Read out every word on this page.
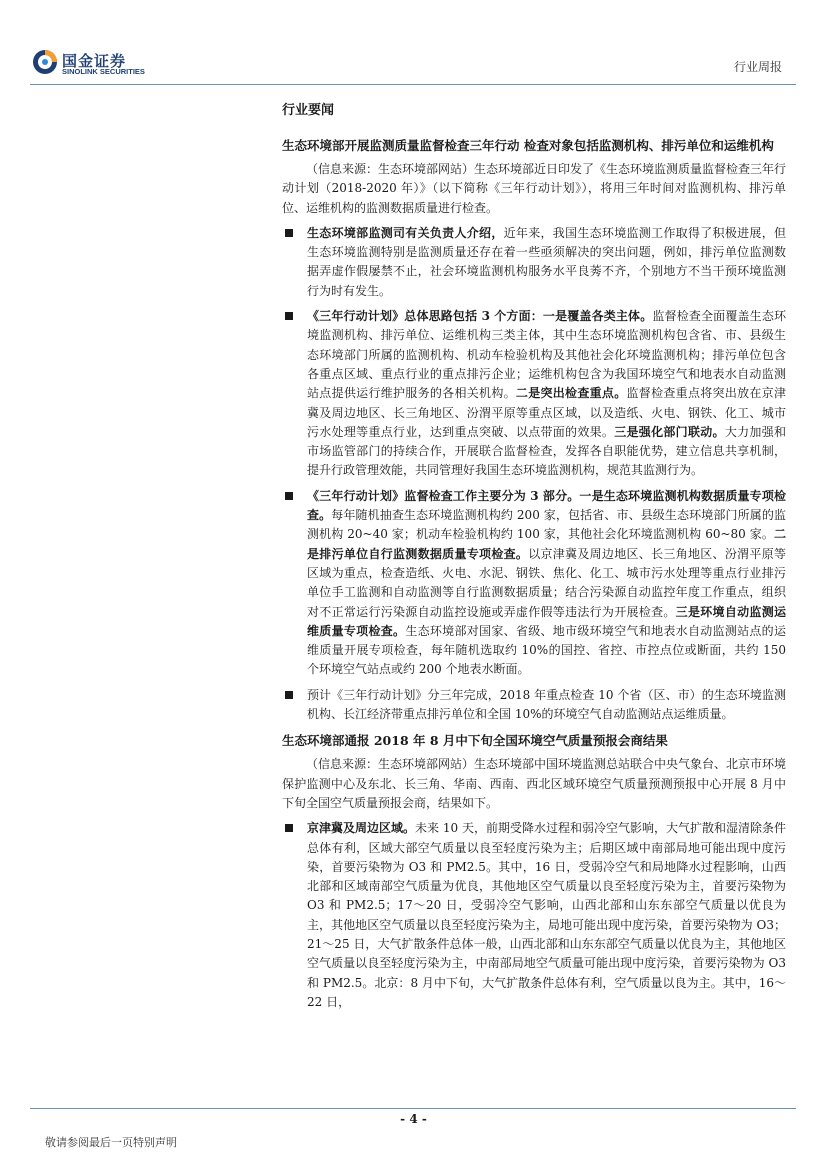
国金证券
SINOLINK SECURITIES	行业周报
行业要闻
生态环境部开展监测质量监督检查三年行动 检查对象包括监测机构、排污单位和运维机构

（信息来源：生态环境部网站）生态环境部近日印发了《生态环境监测质量监督检查三年行动计划（2018-2020 年）》（以下简称《三年行动计划》），将用三年时间对监测机构、排污单位、运维机构的监测数据质量进行检查。

生态环境部监测司有关负责人介绍，近年来，我国生态环境监测工作取得了积极进展，但生态环境监测特别是监测质量还存在着一些亟须解决的突出问题，例如，排污单位监测数据弄虚作假屡禁不止，社会环境监测机构服务水平良莠不齐，个别地方不当干预环境监测行为时有发生。
《三年行动计划》总体思路包括 3 个方面：一是覆盖各类主体。监督检查全面覆盖生态环境监测机构、排污单位、运维机构三类主体，其中生态环境监测机构包含省、市、县级生态环境部门所属的监测机构、机动车检验机构及其他社会化环境监测机构；排污单位包含各重点区域、重点行业的重点排污企业；运维机构包含为我国环境空气和地表水自动监测站点提供运行维护服务的各相关机构。二是突出检查重点。监督检查重点将突出放在京津冀及周边地区、长三角地区、汾渭平原等重点区域，以及造纸、火电、钢铁、化工、城市污水处理等重点行业，达到重点突破、以点带面的效果。三是强化部门联动。大力加强和市场监管部门的持续合作，开展联合监督检查，发挥各自职能优势，建立信息共享机制，提升行政管理效能，共同管理好我国生态环境监测机构，规范其监测行为。
《三年行动计划》监督检查工作主要分为 3 部分。一是生态环境监测机构数据质量专项检查。每年随机抽查生态环境监测机构约 200 家，包括省、市、县级生态环境部门所属的监测机构 20~40 家；机动车检验机构约 100 家，其他社会化环境监测机构 60~80 家。二是排污单位自行监测数据质量专项检查。以京津冀及周边地区、长三角地区、汾渭平原等区域为重点，检查造纸、火电、水泥、钢铁、焦化、化工、城市污水处理等重点行业排污单位手工监测和自动监测等自行监测数据质量；结合污染源自动监控年度工作重点，组织对不正常运行污染源自动监控设施或弄虚作假等违法行为开展检查。三是环境自动监测运维质量专项检查。生态环境部对国家、省级、地市级环境空气和地表水自动监测站点的运维质量开展专项检查，每年随机选取约 10%的国控、省控、市控点位或断面，共约 150 个环境空气站点或约 200 个地表水断面。
预计《三年行动计划》分三年完成，2018 年重点检查 10 个省（区、市）的生态环境监测机构、长江经济带重点排污单位和全国 10%的环境空气自动监测站点运维质量。
生态环境部通报 2018 年 8 月中下旬全国环境空气质量预报会商结果

（信息来源：生态环境部网站）生态环境部中国环境监测总站联合中央气象台、北京市环境保护监测中心及东北、长三角、华南、西南、西北区域环境空气质量预测预报中心开展 8 月中下旬全国空气质量预报会商，结果如下。

京津冀及周边区域。未来 10 天，前期受降水过程和弱冷空气影响，大气扩散和湿清除条件总体有利，区域大部空气质量以良至轻度污染为主；后期区域中南部局地可能出现中度污染，首要污染物为 O3 和 PM2.5。其中，16 日，受弱冷空气和局地降水过程影响，山西北部和区域南部空气质量为优良，其他地区空气质量以良至轻度污染为主，首要污染物为 O3 和 PM2.5；17～20 日，受弱冷空气影响，山西北部和山东东部空气质量以优良为主，其他地区空气质量以良至轻度污染为主，局地可能出现中度污染，首要污染物为 O3；21～25 日，大气扩散条件总体一般，山西北部和山东东部空气质量以优良为主，其他地区空气质量以良至轻度污染为主，中南部局地空气质量可能出现中度污染，首要污染物为 O3 和 PM2.5。北京：8 月中下旬，大气扩散条件总体有利，空气质量以良为主。其中，16～22 日，
- 4 -
敬请参阅最后一页特别声明
